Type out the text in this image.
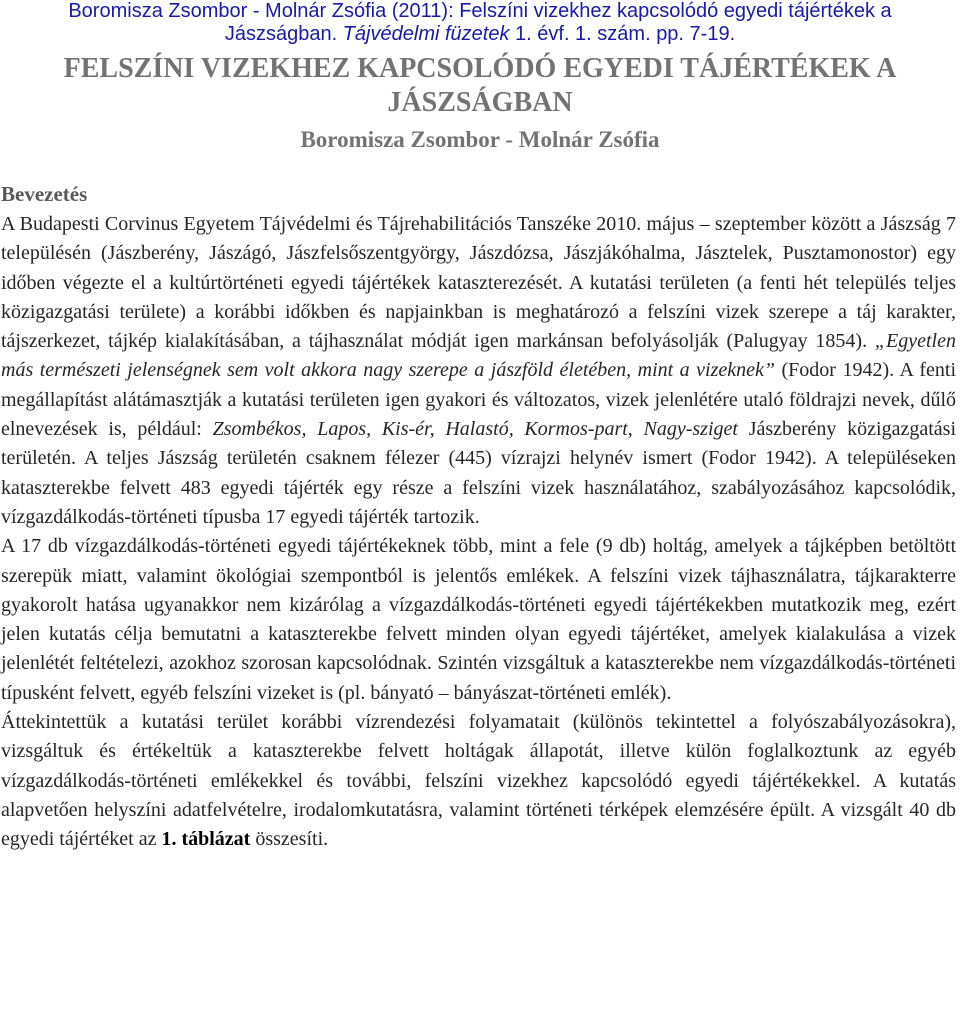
Boromisza Zsombor - Molnár Zsófia (2011): Felszíni vizekhez kapcsolódó egyedi tájértékek a
Jászságban. Tájvédelmi füzetek 1. évf. 1. szám. pp. 7-19.
FELSZÍNI VIZEKHEZ KAPCSOLÓDÓ EGYEDI TÁJÉRTÉKEK A
JÁSZSÁGBAN
Boromisza Zsombor - Molnár Zsófia
Bevezetés

A Budapesti Corvinus Egyetem Tájvédelmi és Tájrehabilitációs Tanszéke 2010. május – szeptember között a Jászság 7 településén (Jászberény, Jászágó, Jászfelsőszentgyörgy, Jászdózsa, Jászjákóhalma, Jásztelek, Pusztamonostor) egy időben végezte el a kultúrtörténeti egyedi tájértékek kataszterezését. A kutatási területen (a fenti hét település teljes közigazgatási területe) a korábbi időkben és napjainkban is meghatározó a felszíni vizek szerepe a táj karakter, tájszerkezet, tájkép kialakításában, a tájhasználat módját igen markánsan befolyásolják (Palugyay 1854). „Egyetlen más természeti jelenségnek sem volt akkora nagy szerepe a jászföld életében, mint a vizeknek” (Fodor 1942). A fenti megállapítást alátámasztják a kutatási területen igen gyakori és változatos, vizek jelenlétére utaló földrajzi nevek, dűlő elnevezések is, például: Zsombékos, Lapos, Kis-ér, Halastó, Kormos-part, Nagy-sziget Jászberény közigazgatási területén. A teljes Jászság területén csaknem félezer (445) vízrajzi helynév ismert (Fodor 1942). A településeken kataszterekbe felvett 483 egyedi tájérték egy része a felszíni vizek használatához, szabályozásához kapcsolódik, vízgazdálkodás-történeti típusba 17 egyedi tájérték tartozik.

A 17 db vízgazdálkodás-történeti egyedi tájértékeknek több, mint a fele (9 db) holtág, amelyek a tájképben betöltött szerepük miatt, valamint ökológiai szempontból is jelentős emlékek. A felszíni vizek tájhasználatra, tájkarakterre gyakorolt hatása ugyanakkor nem kizárólag a vízgazdálkodás-történeti egyedi tájértékekben mutatkozik meg, ezért jelen kutatás célja bemutatni a kataszterekbe felvett minden olyan egyedi tájértéket, amelyek kialakulása a vizek jelenlétét feltételezi, azokhoz szorosan kapcsolódnak. Szintén vizsgáltuk a kataszterekbe nem vízgazdálkodás-történeti típusként felvett, egyéb felszíni vizeket is (pl. bányató – bányászat-történeti emlék).

Áttekintettük a kutatási terület korábbi vízrendezési folyamatait (különös tekintettel a folyószabályozásokra), vizsgáltuk és értékeltük a kataszterekbe felvett holtágak állapotát, illetve külön foglalkoztunk az egyéb vízgazdálkodás-történeti emlékekkel és további, felszíni vizekhez kapcsolódó egyedi tájértékekkel. A kutatás alapvetően helyszíni adatfelvételre, irodalomkutatásra, valamint történeti térképek elemzésére épült. A vizsgált 40 db egyedi tájértéket az 1. táblázat összesíti.
